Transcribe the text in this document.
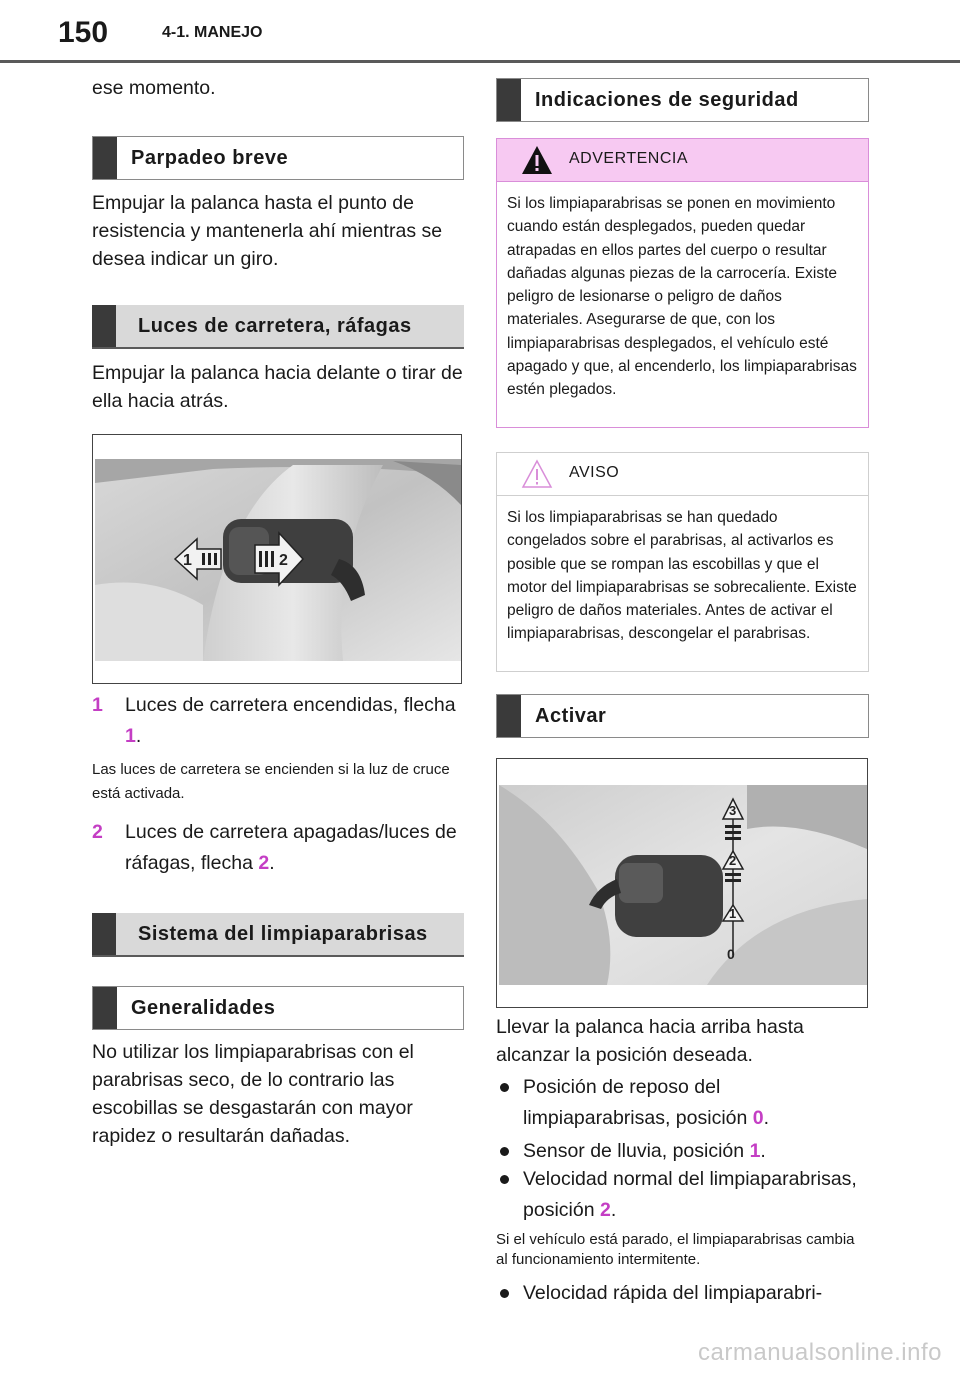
150	4-1. MANEJO

ese momento.

Parpadeo breve

Empujar la palanca hasta el punto de resistencia y mantenerla ahí mientras se desea indicar un giro.

Luces de carretera, ráfagas

Empujar la palanca hacia delante o tirar de ella hacia atrás.

1	2
1 Luces de carretera encendidas, flecha 1.

Las luces de carretera se encienden si la luz de cruce está activada.

2 Luces de carretera apagadas/luces de ráfagas, flecha 2.
Sistema del limpiaparabrisas
Generalidades

No utilizar los limpiaparabrisas con el parabrisas seco, de lo contrario las escobillas se desgastarán con mayor rapidez o resultarán dañadas.

Indicaciones de seguridad
ADVERTENCIA
Si los limpiaparabrisas se ponen en movimiento cuando están desplegados, pueden quedar atrapadas en ellos partes del cuerpo o resultar dañadas algunas piezas de la carrocería. Existe peligro de lesionarse o peligro de daños materiales. Asegurarse de que, con los limpiaparabrisas desplegados, el vehículo esté apagado y que, al encenderlo, los limpiaparabrisas estén plegados.
AVISO
Si los limpiaparabrisas se han quedado congelados sobre el parabrisas, al activarlos es posible que se rompan las escobillas y que el motor del limpiaparabrisas se sobrecaliente. Existe peligro de daños materiales. Antes de activar el limpiaparabrisas, descongelar el parabrisas.
Activar
3
2
1
0

Llevar la palanca hacia arriba hasta alcanzar la posición deseada.

Posición de reposo del limpiaparabrisas, posición 0.
Sensor de lluvia, posición 1.
Velocidad normal del limpiaparabrisas, posición 2.

Si el vehículo está parado, el limpiaparabrisas cambia al funcionamiento intermitente.

Velocidad rápida del limpiaparabri-
carmanualsonline.info
